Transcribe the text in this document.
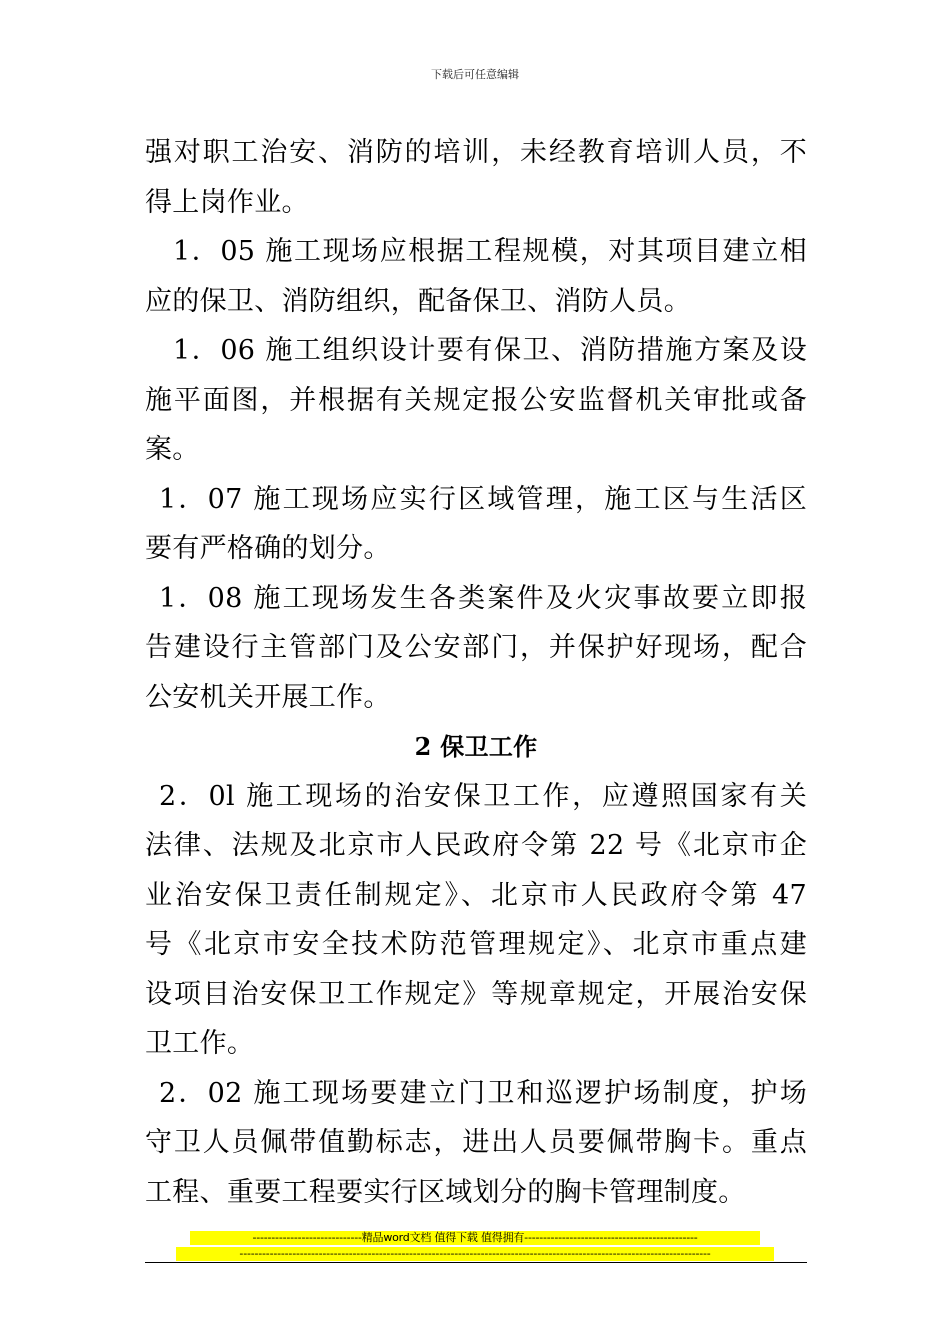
下载后可任意编辑
强对职工治安、消防的培训，未经教育培训人员，不
得上岗作业。
1．05 施工现场应根据工程规模，对其项目建立相
应的保卫、消防组织，配备保卫、消防人员。
1．06 施工组织设计要有保卫、消防措施方案及设
施平面图，并根据有关规定报公安监督机关审批或备
案。
1．07 施工现场应实行区域管理，施工区与生活区
要有严格确的划分。
1．08 施工现场发生各类案件及火灾事故要立即报
告建设行主管部门及公安部门，并保护好现场，配合
公安机关开展工作。
2 保卫工作
2．0l 施工现场的治安保卫工作，应遵照国家有关
法律、法规及北京市人民政府令第 22 号《北京市企
业治安保卫责任制规定》、北京市人民政府令第 47
号《北京市安全技术防范管理规定》、北京市重点建
设项目治安保卫工作规定》等规章规定，开展治安保
卫工作。
2．02 施工现场要建立门卫和巡逻护场制度，护场
守卫人员佩带值勤标志，进出人员要佩带胸卡。重点
工程、重要工程要实行区域划分的胸卡管理制度。
-----------------------------精品word文档 值得下载 值得拥有----------------------------------------------
-----------------------------------------------------------------------------------------------------------------------------
